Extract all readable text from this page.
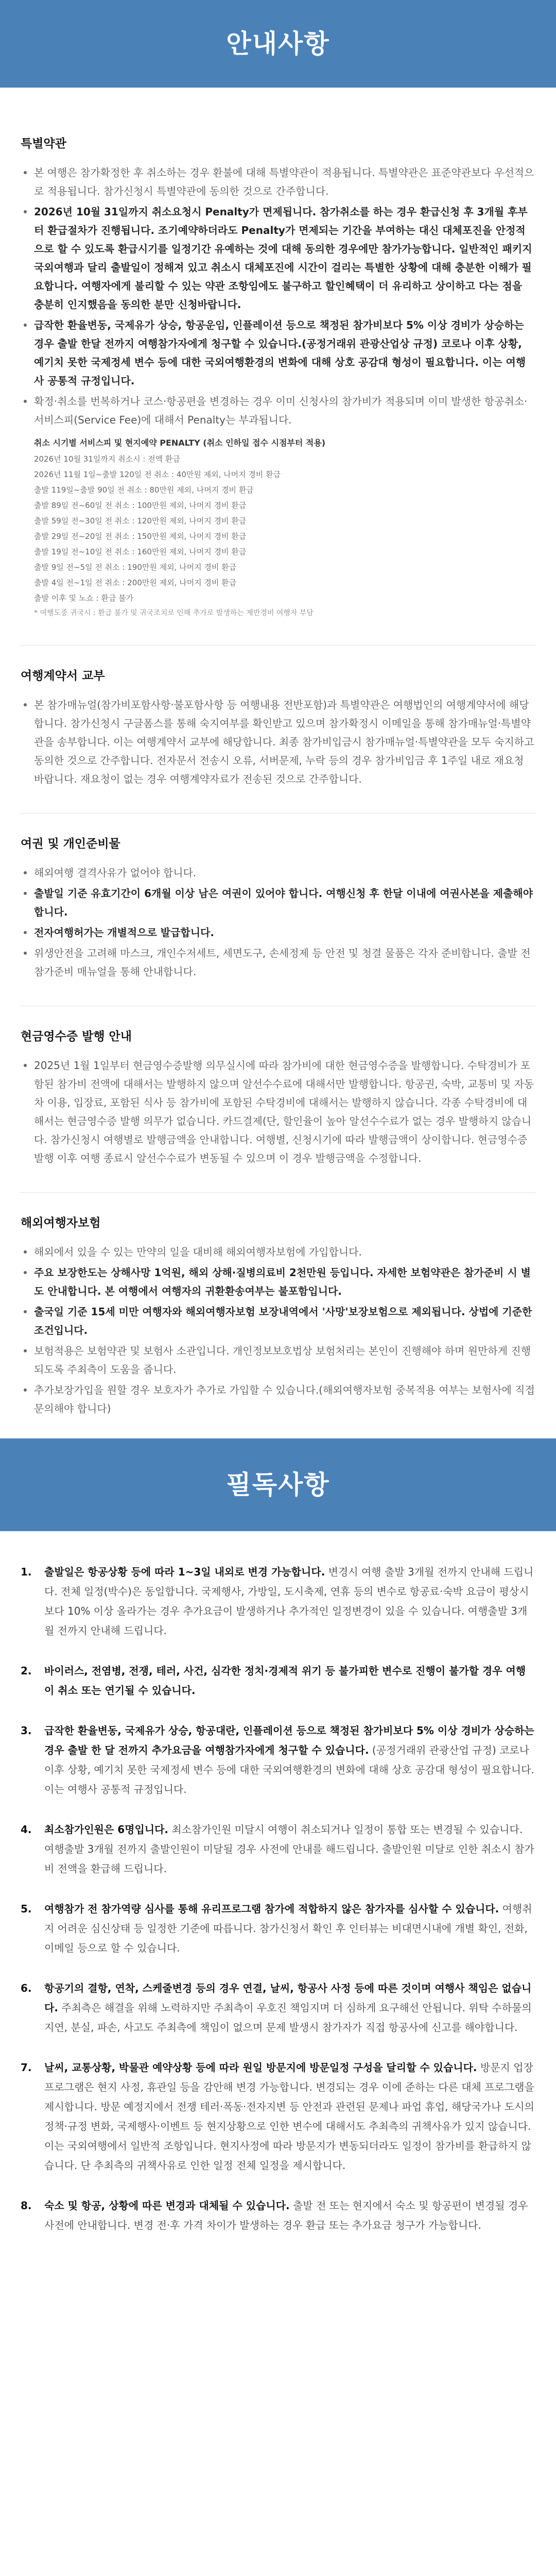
안내사항
특별약관
본 여행은 참가확정한 후 취소하는 경우 환불에 대해 특별약관이 적용됩니다. 특별약관은 표준약관보다 우선적으로 적용됩니다. 참가신청시 특별약관에 동의한 것으로 간주합니다.
2026년 10월 31일까지 취소요청시 Penalty가 면제됩니다. 참가취소를 하는 경우 환급신청 후 3개월 후부터 환급절차가 진행됩니다. 조기예약하더라도 Penalty가 면제되는 기간을 부여하는 대신 대체포진을 안정적으로 할 수 있도록 환급시기를 일정기간 유예하는 것에 대해 동의한 경우에만 참가가능합니다. 일반적인 패키지 국외여행과 달리 출발일이 정해져 있고 취소시 대체포진에 시간이 걸리는 특별한 상황에 대해 충분한 이해가 필요합니다. 여행자에게 불리할 수 있는 약관 조항임에도 불구하고 할인혜택이 더 유리하고 상이하고 다는 점을 충분히 인지했음을 동의한 분만 신청바랍니다.
급작한 환율변동, 국제유가 상승, 항공운임, 인플레이션 등으로 책정된 참가비보다 5% 이상 경비가 상승하는 경우 출발 한달 전까지 여행참가자에게 청구할 수 있습니다.(공정거래위 관광산업상 규정) 코로나 이후 상황, 예기치 못한 국제정세 변수 등에 대한 국외여행환경의 변화에 대해 상호 공감대 형성이 필요합니다. 이는 여행사 공통적 규정입니다.
확정·취소를 번복하거나 코스·항공편을 변경하는 경우 이미 신청사의 참가비가 적용되며 이미 발생한 항공취소·서비스피(Service Fee)에 대해서 Penalty는 부과됩니다.
취소 시기별 서비스피 및 현지예약 PENALTY (취소 인하일 접수 시점부터 적용)
2026년 10월 31일까지 취소시 : 전액 환급
2026년 11월 1일~출발 120일 전 취소 : 40만원 제외, 나머지 경비 환급
출발 119일~출발 90일 전 취소 : 80만원 제외, 나머지 경비 환급
출발 89일 전~60일 전 취소 : 100만원 제외, 나머지 경비 환급
출발 59일 전~30일 전 취소 : 120만원 제외, 나머지 경비 환급
출발 29일 전~20일 전 취소 : 150만원 제외, 나머지 경비 환급
출발 19일 전~10일 전 취소 : 160만원 제외, 나머지 경비 환급
출발 9일 전~5일 전 취소 : 190만원 제외, 나머지 경비 환급
출발 4일 전~1일 전 취소 : 200만원 제외, 나머지 경비 환급
출발 이후 및 노쇼 : 환급 불가
* 여행도중 귀국시 : 환급 불가 및 귀국조치로 인해 추가로 발생하는 제반경비 여행자 부담
여행계약서 교부
본 참가매뉴얼(참가비포함사항·불포함사항 등 여행내용 전반포함)과 특별약관은 여행법인의 여행계약서에 해당합니다. 참가신청시 구글폼스를 통해 숙지여부를 확인받고 있으며 참가확정시 이메일을 통해 참가매뉴얼·특별약관을 송부합니다. 이는 여행계약서 교부에 해당합니다. 최종 참가비입금시 참가매뉴얼·특별약관을 모두 숙지하고 동의한 것으로 간주합니다. 전자문서 전송시 오류, 서버문제, 누락 등의 경우 참가비입금 후 1주일 내로 재요청 바랍니다. 재요청이 없는 경우 여행계약자료가 전송된 것으로 간주합니다.
여권 및 개인준비물
해외여행 결격사유가 없어야 합니다.
출발일 기준 유효기간이 6개월 이상 남은 여권이 있어야 합니다. 여행신청 후 한달 이내에 여권사본을 제출해야 합니다.
전자여행허가는 개별적으로 발급합니다.
위생안전을 고려해 마스크, 개인수저세트, 세면도구, 손세정제 등 안전 및 청결 물품은 각자 준비합니다. 출발 전 참가준비 매뉴얼을 통해 안내합니다.
현금영수증 발행 안내
2025년 1월 1일부터 현금영수증발행 의무실시에 따라 참가비에 대한 현금영수증을 발행합니다. 수탁경비가 포함된 참가비 전액에 대해서는 발행하지 않으며 알선수수료에 대해서만 발행합니다. 항공권, 숙박, 교통비 및 자동차 이용, 입장료, 포함된 식사 등 참가비에 포함된 수탁경비에 대해서는 발행하지 않습니다. 각종 수탁경비에 대해서는 현금영수증 발행 의무가 없습니다. 카드결제(단, 할인율이 높아 알선수수료가 없는 경우 발행하지 않습니다. 참가신청시 여행별로 발행금액을 안내합니다. 여행별, 신청시기에 따라 발행금액이 상이합니다. 현금영수증 발행 이후 여행 종료시 알선수수료가 변동될 수 있으며 이 경우 발행금액을 수정합니다.
해외여행자보험
해외에서 있을 수 있는 만약의 일을 대비해 해외여행자보험에 가입합니다.
주요 보장한도는 상해사망 1억원, 해외 상해·질병의료비 2천만원 등입니다. 자세한 보험약관은 참가준비 시 별도 안내합니다. 본 여행에서 여행자의 귀환환송여부는 불포함입니다.
출국일 기준 15세 미만 여행자와 해외여행자보험 보장내역에서 '사망'보장보험으로 제외됩니다. 상법에 기준한 조건입니다.
보험적용은 보험약관 및 보험사 소관입니다. 개인정보보호법상 보험처리는 본인이 진행해야 하며 원만하게 진행되도록 주최측이 도움을 줍니다.
추가보장가입을 원할 경우 보호자가 추가로 가입할 수 있습니다.(해외여행자보험 중복적용 여부는 보험사에 직접 문의해야 합니다)
필독사항
1.	출발일은 항공상황 등에 따라 1~3일 내외로 변경 가능합니다. 변경시 여행 출발 3개월 전까지 안내해 드립니다. 전체 일정(박수)은 동일합니다. 국제행사, 가방일, 도시축제, 연휴 등의 변수로 항공료·숙박 요금이 평상시보다 10% 이상 올라가는 경우 추가요금이 발생하거나 추가적인 일정변경이 있을 수 있습니다. 여행출발 3개월 전까지 안내해 드립니다.
2.	바이러스, 전염병, 전쟁, 테러, 사건, 심각한 정치·경제적 위기 등 불가피한 변수로 진행이 불가할 경우 여행이 취소 또는 연기될 수 있습니다.
3.	급작한 환율변동, 국제유가 상승, 항공대란, 인플레이션 등으로 책정된 참가비보다 5% 이상 경비가 상승하는 경우 출발 한 달 전까지 추가요금을 여행참가자에게 청구할 수 있습니다. (공정거래위 관광산업 규정) 코로나 이후 상황, 예기치 못한 국제정세 변수 등에 대한 국외여행환경의 변화에 대해 상호 공감대 형성이 필요합니다. 이는 여행사 공통적 규정입니다.
4.	최소참가인원은 6명입니다. 최소참가인원 미달시 여행이 취소되거나 일정이 통합 또는 변경될 수 있습니다. 여행출발 3개월 전까지 출발인원이 미달될 경우 사전에 안내를 해드립니다. 출발인원 미달로 인한 취소시 참가비 전액을 환급해 드립니다.
5.	여행참가 전 참가역량 심사를 통해 유리프로그램 참가에 적합하지 않은 참가자를 심사할 수 있습니다. 여행취지 어려운 심신상태 등 일정한 기준에 따릅니다. 참가신청서 확인 후 인터뷰는 비대면시내에 개별 확인, 전화, 이메일 등으로 할 수 있습니다.
6.	항공기의 결항, 연착, 스케줄변경 등의 경우 연결, 날씨, 항공사 사정 등에 따른 것이며 여행사 책임은 없습니다. 주최측은 해결을 위해 노력하지만 주최측이 우호진 책임지며 더 심하게 요구해선 안됩니다. 위탁 수하물의 지연, 분실, 파손, 사고도 주최측에 책임이 없으며 문제 발생시 참가자가 직접 항공사에 신고를 해야합니다.
7.	날씨, 교통상황, 박물관 예약상황 등에 따라 원일 방문지에 방문일정 구성을 달리할 수 있습니다. 방문지 업장 프로그램은 현지 사정, 휴관일 등을 감안해 변경 가능합니다. 변경되는 경우 이에 준하는 다른 대체 프로그램을 제시합니다. 방문 예정지에서 전쟁 테러·폭동·전자지변 등 안전과 관련된 문제나 파업 휴업, 해당국가나 도시의 정책·규정 변화, 국제행사·이벤트 등 현지상황으로 인한 변수에 대해서도 추최측의 귀책사유가 있지 않습니다. 이는 국외여행에서 일반적 조항입니다. 현지사정에 따라 방문지가 변동되더라도 일정이 참가비를 환급하지 않습니다. 단 추최측의 귀책사유로 인한 일정 전체 일정을 제시합니다.
8.	숙소 및 항공, 상황에 따른 변경과 대체될 수 있습니다. 출발 전 또는 현지에서 숙소 및 항공편이 변경될 경우 사전에 안내합니다. 변경 전·후 가격 차이가 발생하는 경우 환급 또는 추가요금 청구가 가능합니다.
